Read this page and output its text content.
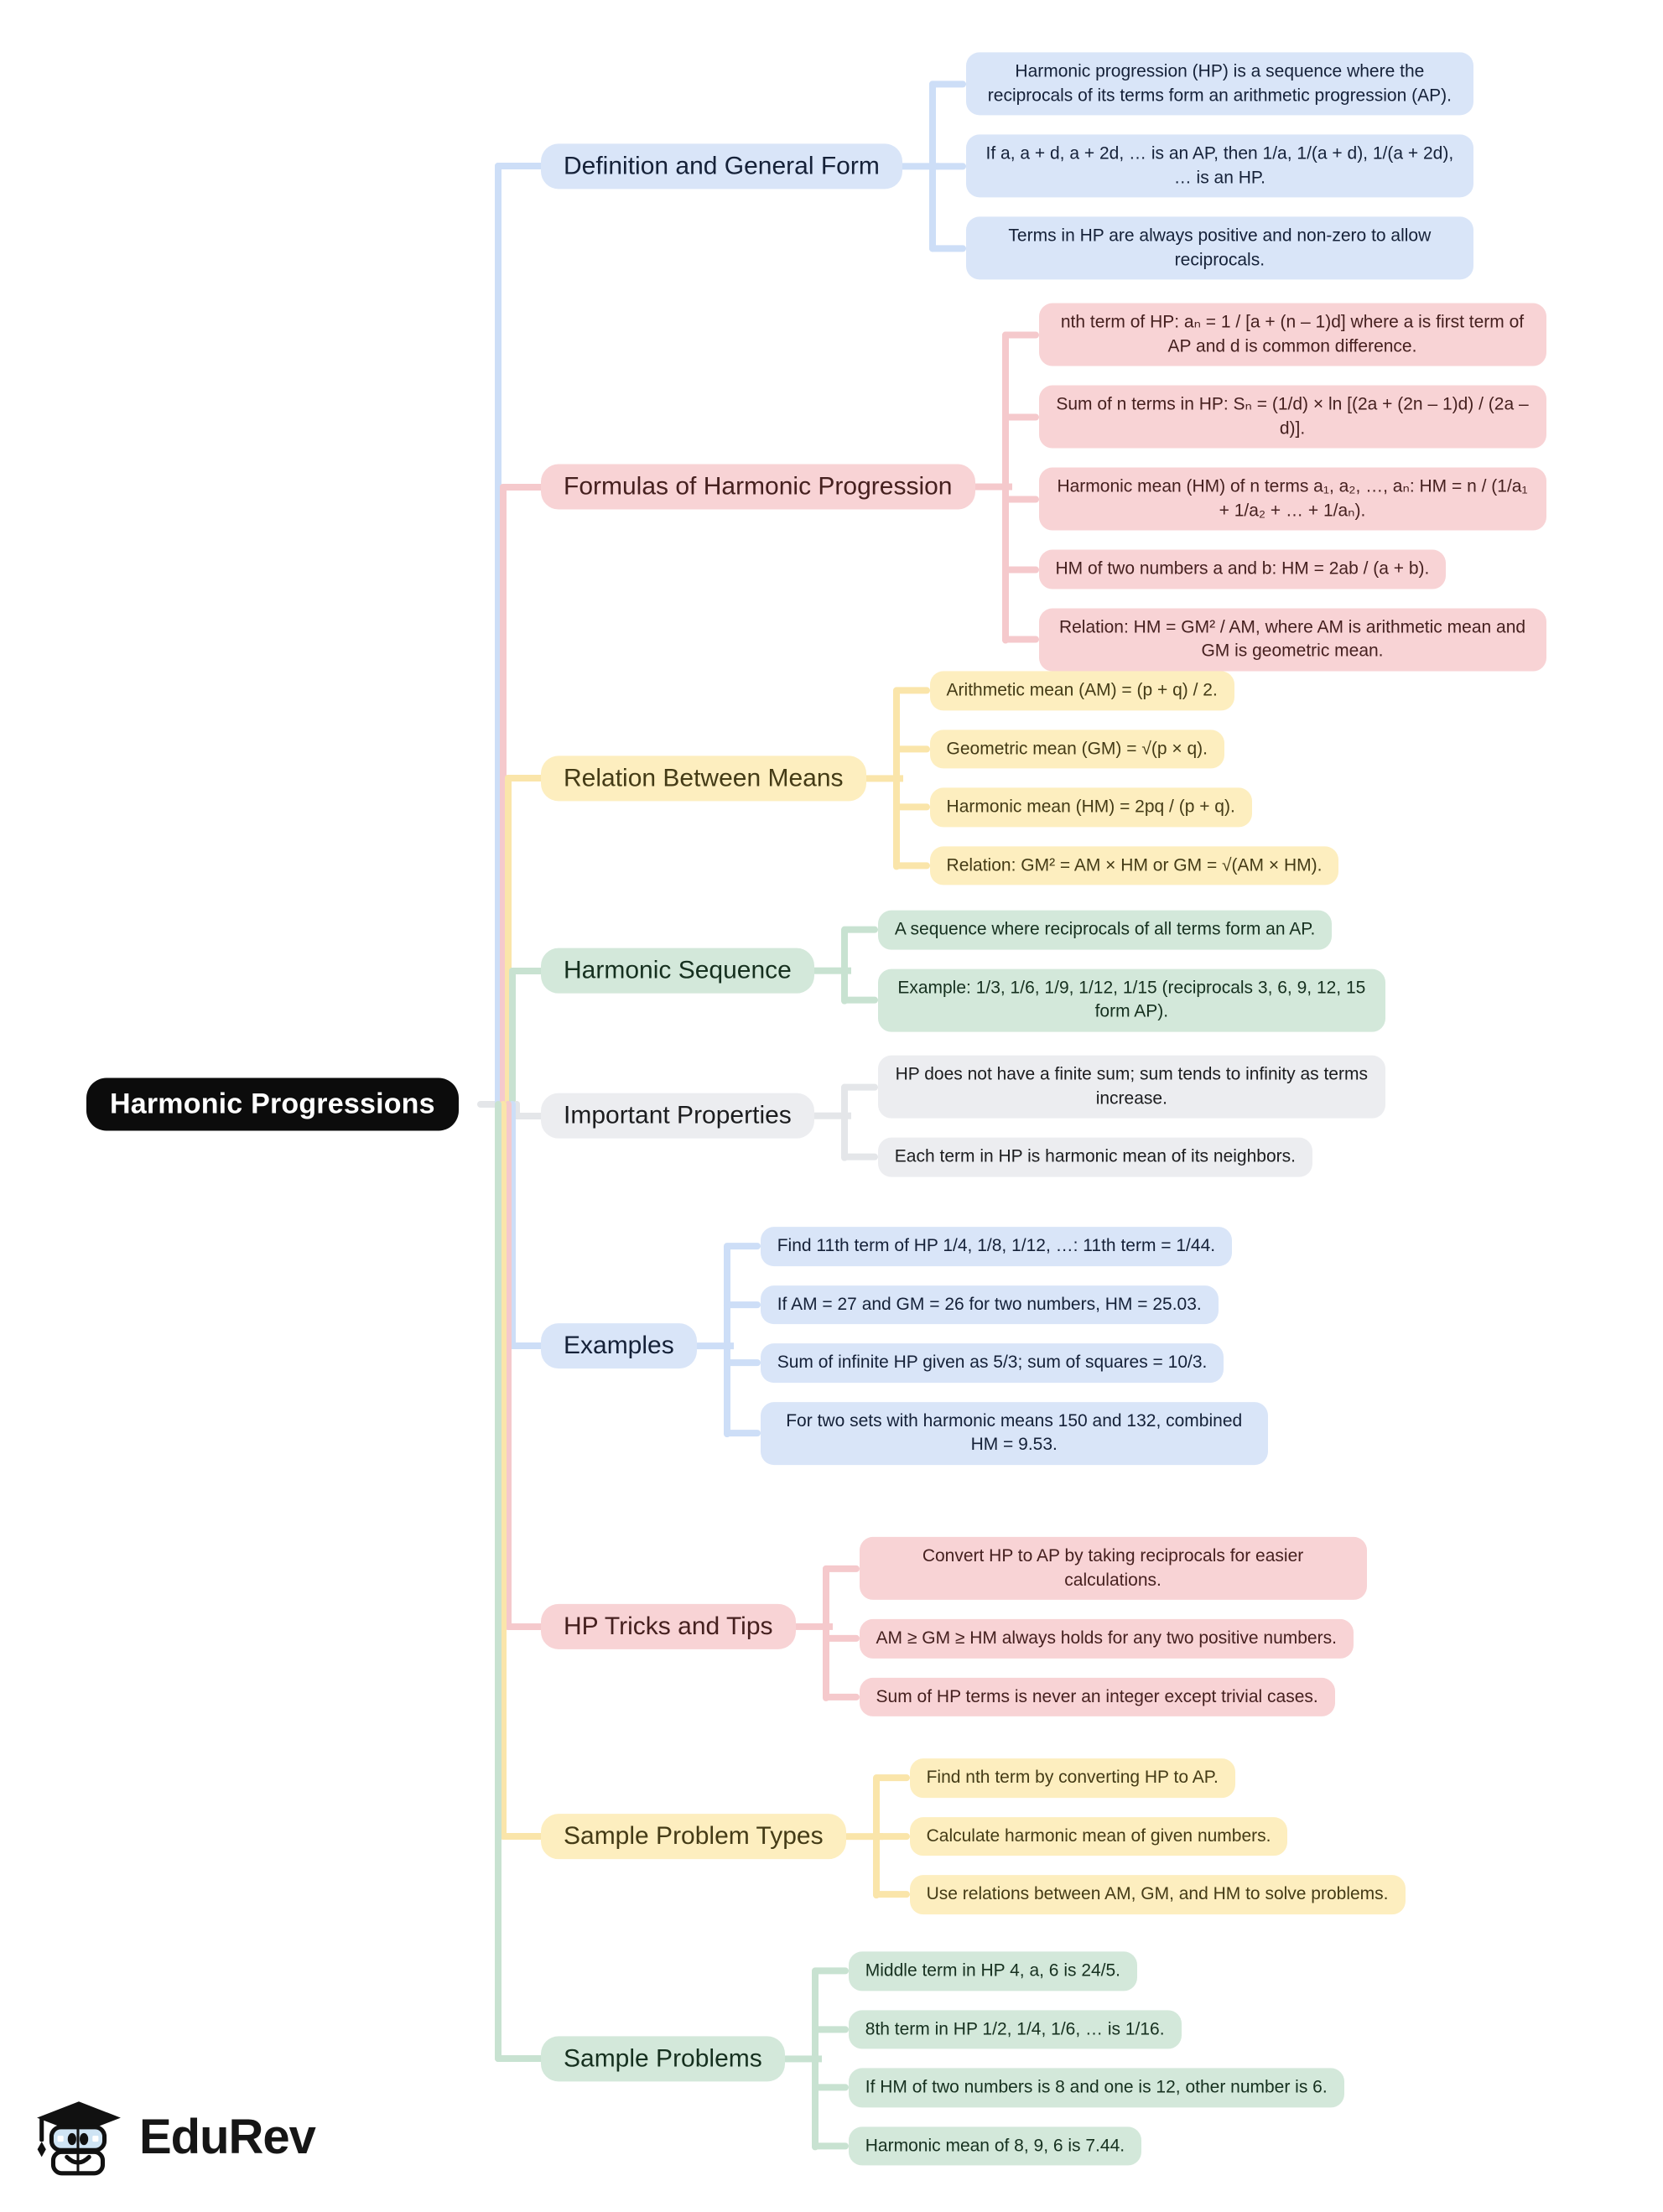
Harmonic Progressions
Definition and General Form
Harmonic progression (HP) is a sequence where the reciprocals of its terms form an arithmetic progression (AP).
If a, a + d, a + 2d, … is an AP, then 1/a, 1/(a + d), 1/(a + 2d), … is an HP.
Terms in HP are always positive and non-zero to allow reciprocals.
Formulas of Harmonic Progression
nth term of HP: aₙ = 1 / [a + (n – 1)d] where a is first term of AP and d is common difference.
Sum of n terms in HP: Sₙ = (1/d) × ln [(2a + (2n – 1)d) / (2a – d)].
Harmonic mean (HM) of n terms a₁, a₂, …, aₙ: HM = n / (1/a₁ + 1/a₂ + … + 1/aₙ).
HM of two numbers a and b: HM = 2ab / (a + b).
Relation: HM = GM² / AM, where AM is arithmetic mean and GM is geometric mean.
Relation Between Means
Arithmetic mean (AM) = (p + q) / 2.
Geometric mean (GM) = √(p × q).
Harmonic mean (HM) = 2pq / (p + q).
Relation: GM² = AM × HM or GM = √(AM × HM).
Harmonic Sequence
A sequence where reciprocals of all terms form an AP.
Example: 1/3, 1/6, 1/9, 1/12, 1/15 (reciprocals 3, 6, 9, 12, 15 form AP).
Important Properties
HP does not have a finite sum; sum tends to infinity as terms increase.
Each term in HP is harmonic mean of its neighbors.
Examples
Find 11th term of HP 1/4, 1/8, 1/12, …: 11th term = 1/44.
If AM = 27 and GM = 26 for two numbers, HM = 25.03.
Sum of infinite HP given as 5/3; sum of squares = 10/3.
For two sets with harmonic means 150 and 132, combined HM = 9.53.
HP Tricks and Tips
Convert HP to AP by taking reciprocals for easier calculations.
AM ≥ GM ≥ HM always holds for any two positive numbers.
Sum of HP terms is never an integer except trivial cases.
Sample Problem Types
Find nth term by converting HP to AP.
Calculate harmonic mean of given numbers.
Use relations between AM, GM, and HM to solve problems.
Sample Problems
Middle term in HP 4, a, 6 is 24/5.
8th term in HP 1/2, 1/4, 1/6, … is 1/16.
If HM of two numbers is 8 and one is 12, other number is 6.
Harmonic mean of 8, 9, 6 is 7.44.
EduRev
